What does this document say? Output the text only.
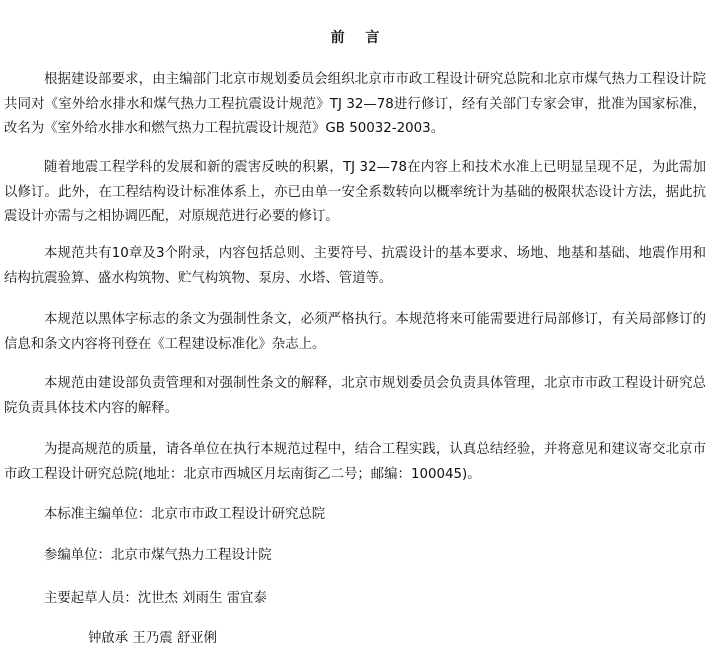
前 言

根据建设部要求，由主编部门北京市规划委员会组织北京市市政工程设计研究总院和北京市煤气热力工程设计院共同对《室外给水排水和煤气热力工程抗震设计规范》TJ 32—78进行修订，经有关部门专家会审，批准为国家标准，改名为《室外给水排水和燃气热力工程抗震设计规范》GB 50032-2003。

随着地震工程学科的发展和新的震害反映的积累，TJ 32—78在内容上和技术水准上已明显呈现不足，为此需加以修订。此外，在工程结构设计标准体系上，亦已由单一安全系数转向以概率统计为基础的极限状态设计方法，据此抗震设计亦需与之相协调匹配，对原规范进行必要的修订。

本规范共有10章及3个附录，内容包括总则、主要符号、抗震设计的基本要求、场地、地基和基础、地震作用和结构抗震验算、盛水构筑物、贮气构筑物、泵房、水塔、管道等。

本规范以黑体字标志的条文为强制性条文，必须严格执行。本规范将来可能需要进行局部修订，有关局部修订的信息和条文内容将刊登在《工程建设标准化》杂志上。

本规范由建设部负责管理和对强制性条文的解释，北京市规划委员会负责具体管理，北京市市政工程设计研究总院负责具体技术内容的解释。

为提高规范的质量，请各单位在执行本规范过程中，结合工程实践，认真总结经验，并将意见和建议寄交北京市市政工程设计研究总院(地址：北京市西城区月坛南街乙二号；邮编：100045)。

本标准主编单位：北京市市政工程设计研究总院

参编单位：北京市煤气热力工程设计院

主要起草人员：沈世杰 刘雨生 雷宜泰

钟啟承 王乃震 舒亚俐
